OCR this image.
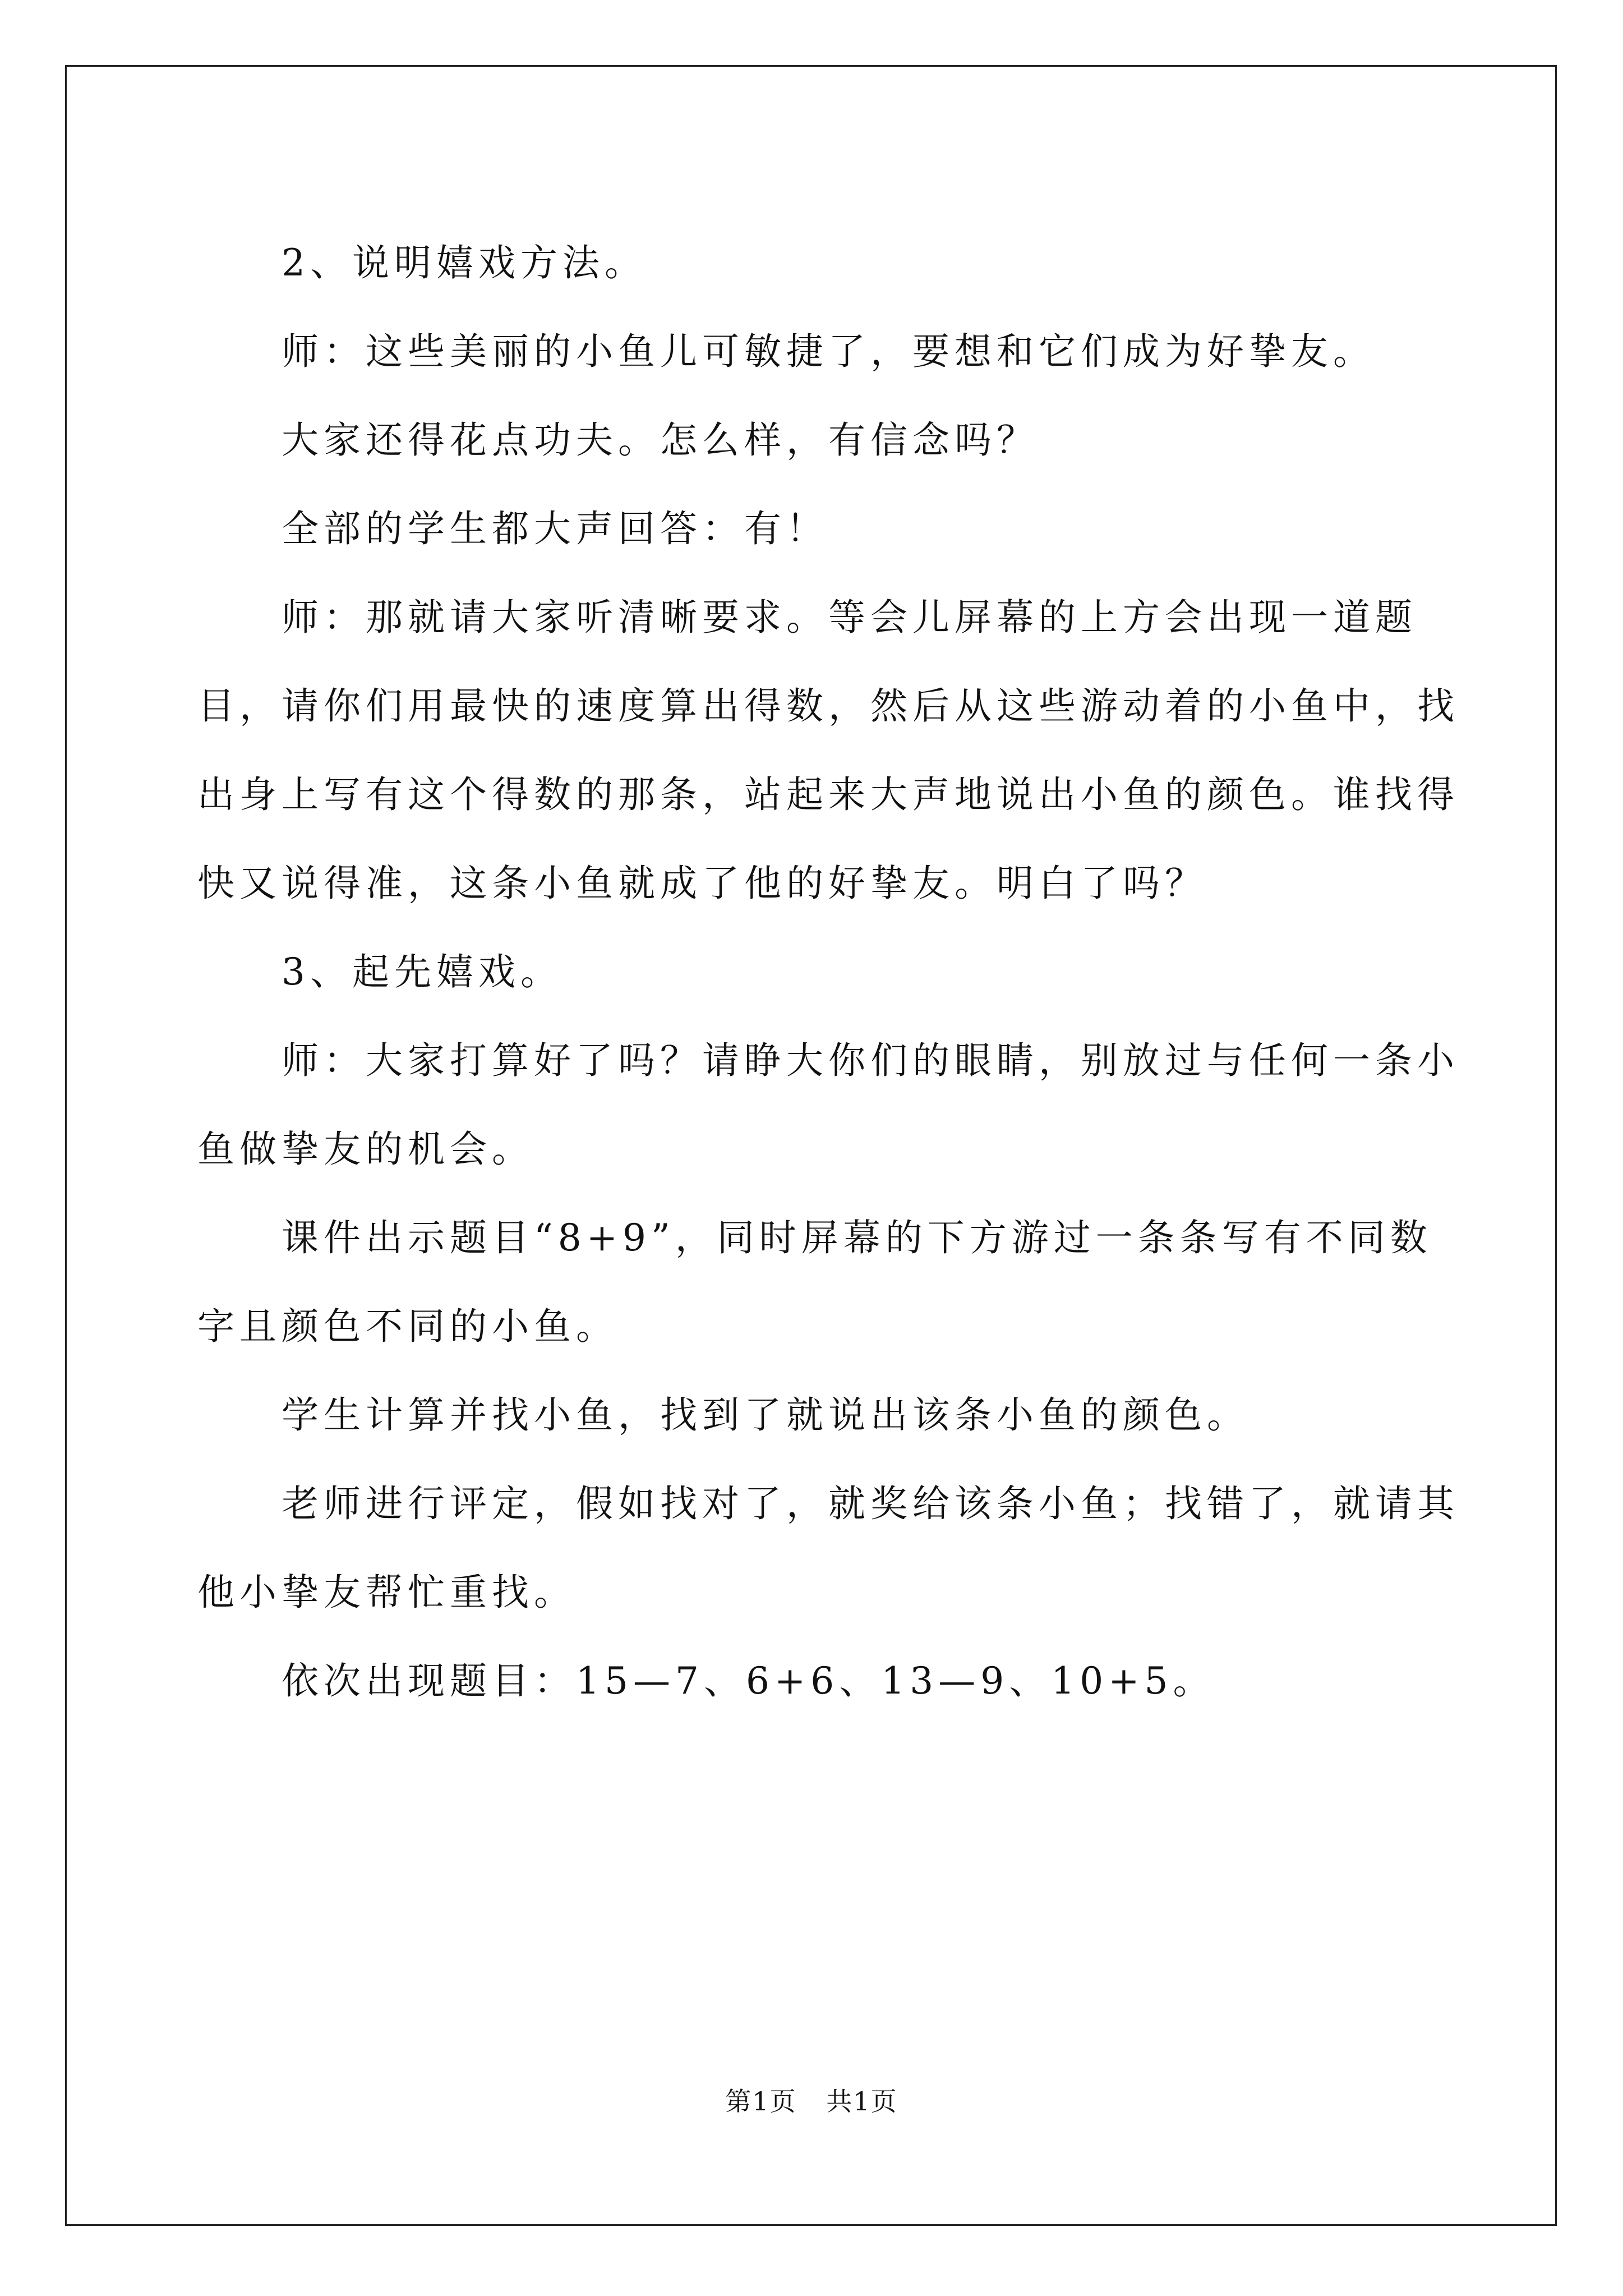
2、说明嬉戏方法。

师：这些美丽的小鱼儿可敏捷了，要想和它们成为好挚友。

大家还得花点功夫。怎么样，有信念吗？

全部的学生都大声回答：有！

师：那就请大家听清晰要求。等会儿屏幕的上方会出现一道题目，请你们用最快的速度算出得数，然后从这些游动着的小鱼中，找出身上写有这个得数的那条，站起来大声地说出小鱼的颜色。谁找得快又说得准，这条小鱼就成了他的好挚友。明白了吗？

3、起先嬉戏。

师：大家打算好了吗？请睁大你们的眼睛，别放过与任何一条小鱼做挚友的机会。

课件出示题目“8+9”，同时屏幕的下方游过一条条写有不同数字且颜色不同的小鱼。

学生计算并找小鱼，找到了就说出该条小鱼的颜色。

老师进行评定，假如找对了，就奖给该条小鱼；找错了，就请其他小挚友帮忙重找。

依次出现题目：15—7、6+6、13—9、10+5。

第1页 共1页
